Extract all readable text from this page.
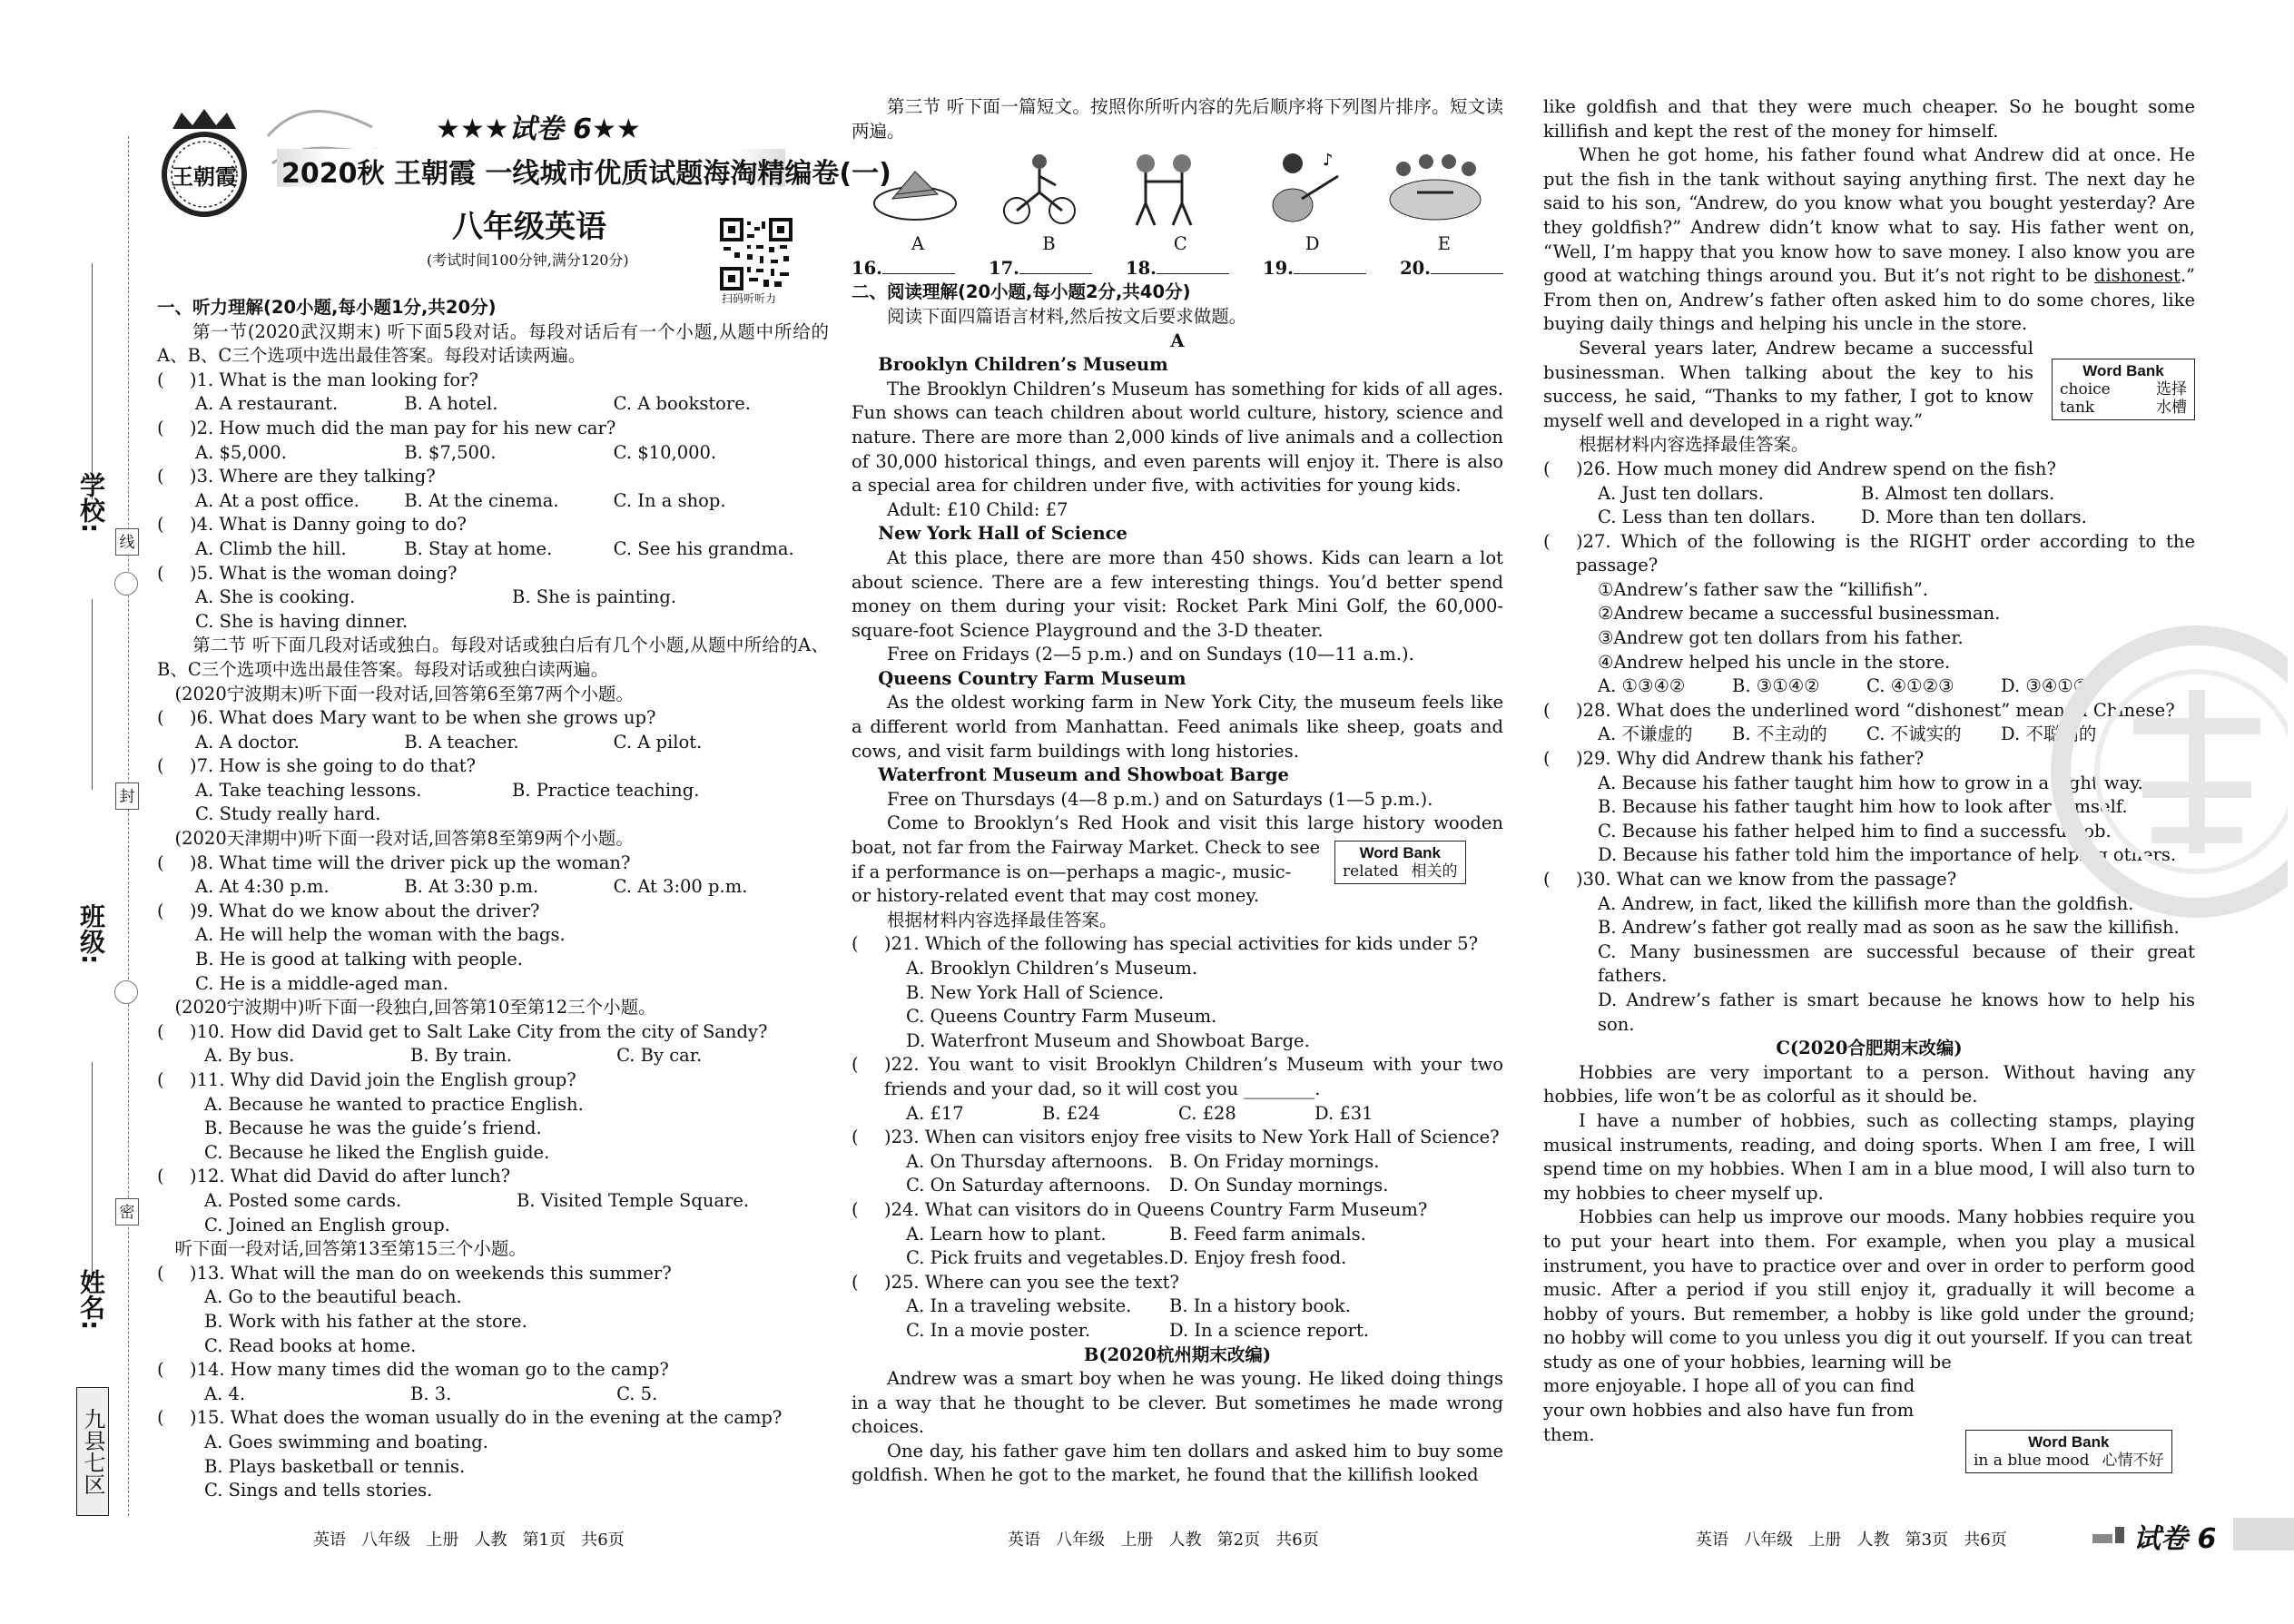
学校:
班级:
姓名:
线
封
密
九县七区
王朝霞
★★★试卷 6★★
2020秋 王朝霞 一线城市优质试题海淘精编卷(一)
八年级英语
(考试时间100分钟,满分120分)
扫码听听力

一、听力理解(20小题,每小题1分,共20分)

第一节(2020武汉期末) 听下面5段对话。每段对话后有一个小题,从题中所给的A、B、C三个选项中选出最佳答案。每段对话读两遍。

( )1. What is the man looking for?
A. A restaurant.	B. A hotel.	C. A bookstore.
( )2. How much did the man pay for his new car?
A. $5,000.	B. $7,500.	C. $10,000.
( )3. Where are they talking?
A. At a post office.	B. At the cinema.	C. In a shop.
( )4. What is Danny going to do?
A. Climb the hill.	B. Stay at home.	C. See his grandma.
( )5. What is the woman doing?
A. She is cooking.	B. She is painting.
C. She is having dinner.

第二节 听下面几段对话或独白。每段对话或独白后有几个小题,从题中所给的A、B、C三个选项中选出最佳答案。每段对话或独白读两遍。

(2020宁波期末)听下面一段对话,回答第6至第7两个小题。

( )6. What does Mary want to be when she grows up?
A. A doctor.	B. A teacher.	C. A pilot.
( )7. How is she going to do that?
A. Take teaching lessons.	B. Practice teaching.
C. Study really hard.

(2020天津期中)听下面一段对话,回答第8至第9两个小题。

( )8. What time will the driver pick up the woman?
A. At 4:30 p.m.	B. At 3:30 p.m.	C. At 3:00 p.m.
( )9. What do we know about the driver?
A. He will help the woman with the bags.
B. He is good at talking with people.
C. He is a middle-aged man.

(2020宁波期中)听下面一段独白,回答第10至第12三个小题。

( )10. How did David get to Salt Lake City from the city of Sandy?
A. By bus.	B. By train.	C. By car.
( )11. Why did David join the English group?
A. Because he wanted to practice English.
B. Because he was the guide’s friend.
C. Because he liked the English guide.
( )12. What did David do after lunch?
A. Posted some cards.	B. Visited Temple Square.
C. Joined an English group.

听下面一段对话,回答第13至第15三个小题。

( )13. What will the man do on weekends this summer?
A. Go to the beautiful beach.
B. Work with his father at the store.
C. Read books at home.
( )14. How many times did the woman go to the camp?
A. 4.	B. 3.	C. 5.
( )15. What does the woman usually do in the evening at the camp?
A. Goes swimming and boating.
B. Plays basketball or tennis.
C. Sings and tells stories.

第三节 听下面一篇短文。按照你所听内容的先后顺序将下列图片排序。短文读两遍。

♪
A	B	C	D	E
16.	17.	18.	19.	20.

二、阅读理解(20小题,每小题2分,共40分)

阅读下面四篇语言材料,然后按文后要求做题。

A

Brooklyn Children’s Museum

The Brooklyn Children’s Museum has something for kids of all ages. Fun shows can teach children about world culture, history, science and nature. There are more than 2,000 kinds of live animals and a collection of 30,000 historical things, and even parents will enjoy it. There is also a special area for children under five, with activities for young kids.

Adult: £10 Child: £7

New York Hall of Science

At this place, there are more than 450 shows. Kids can learn a lot about science. There are a few interesting things. You’d better spend money on them during your visit: Rocket Park Mini Golf, the 60,000-square-foot Science Playground and the 3-D theater.

Free on Fridays (2—5 p.m.) and on Sundays (10—11 a.m.).

Queens Country Farm Museum

As the oldest working farm in New York City, the museum feels like a different world from Manhattan. Feed animals like sheep, goats and cows, and visit farm buildings with long histories.

Waterfront Museum and Showboat Barge

Free on Thursdays (4—8 p.m.) and on Saturdays (1—5 p.m.).

Come to Brooklyn’s Red Hook and visit this large history wooden boat, not far from the Fairway Market. Check to see

if a performance is on—perhaps a magic-, music- or history-related event that may cost money.

根据材料内容选择最佳答案。

( )21. Which of the following has special activities for kids under 5?
A. Brooklyn Children’s Museum.
B. New York Hall of Science.
C. Queens Country Farm Museum.
D. Waterfront Museum and Showboat Barge.
( )22. You want to visit Brooklyn Children’s Museum with your two friends and your dad, so it will cost you ________.
A. £17	B. £24	C. £28	D. £31
( )23. When can visitors enjoy free visits to New York Hall of Science?
A. On Thursday afternoons. B. On Friday mornings.
C. On Saturday afternoons.	D. On Sunday mornings.
( )24. What can visitors do in Queens Country Farm Museum?
A. Learn how to plant.	B. Feed farm animals.
C. Pick fruits and vegetables. D. Enjoy fresh food.
( )25. Where can you see the text?
A. In a traveling website.	B. In a history book.
C. In a movie poster.	D. In a science report.

B(2020杭州期末改编)

Andrew was a smart boy when he was young. He liked doing things in a way that he thought to be clever. But sometimes he made wrong choices.

One day, his father gave him ten dollars and asked him to buy some goldfish. When he got to the market, he found that the killifish looked

Word Bank
related 相关的

like goldfish and that they were much cheaper. So he bought some killifish and kept the rest of the money for himself.

When he got home, his father found what Andrew did at once. He put the fish in the tank without saying anything first. The next day he said to his son, “Andrew, do you know what you bought yesterday? Are they goldfish?” Andrew didn’t know what to say. His father went on, “Well, I’m happy that you know how to save money. I also know you are good at watching things around you. But it’s not right to be dishonest.” From then on, Andrew’s father often asked him to do some chores, like buying daily things and helping his uncle in the store.

Several years later, Andrew became a successful businessman. When talking about the key to his success, he said, “Thanks to my father, I got to know myself well and developed in a right way.”

根据材料内容选择最佳答案。

( )26. How much money did Andrew spend on the fish?
A. Just ten dollars.	B. Almost ten dollars.
C. Less than ten dollars.	D. More than ten dollars.
( )27. Which of the following is the RIGHT order according to the passage?
①Andrew’s father saw the “killifish”.
②Andrew became a successful businessman.
③Andrew got ten dollars from his father.
④Andrew helped his uncle in the store.
A. ①③④②	B. ③①④②	C. ④①②③	D. ③④①②
( )28. What does the underlined word “dishonest” mean in Chinese?
A. 不谦虚的	B. 不主动的	C. 不诚实的	D. 不聪明的
( )29. Why did Andrew thank his father?
A. Because his father taught him how to grow in a right way.
B. Because his father taught him how to look after himself.
C. Because his father helped him to find a successful job.
D. Because his father told him the importance of helping others.
( )30. What can we know from the passage?
A. Andrew, in fact, liked the killifish more than the goldfish.
B. Andrew’s father got really mad as soon as he saw the killifish.
C. Many businessmen are successful because of their great fathers.
D. Andrew’s father is smart because he knows how to help his son.

C(2020合肥期末改编)

Hobbies are very important to a person. Without having any hobbies, life won’t be as colorful as it should be.

I have a number of hobbies, such as collecting stamps, playing musical instruments, reading, and doing sports. When I am free, I will spend time on my hobbies. When I am in a blue mood, I will also turn to my hobbies to cheer myself up.

Hobbies can help us improve our moods. Many hobbies require you to put your heart into them. For example, when you play a musical instrument, you have to practice over and over in order to perform good music. After a period if you still enjoy it, gradually it will become a hobby of yours. But remember, a hobby is like gold under the ground; no hobby will come to you unless you dig it out yourself. If you can treat

study as one of your hobbies, learning will be more enjoyable. I hope all of you can find your own hobbies and also have fun from them.

Word Bank
choice	选择
tank	水槽
Word Bank
in a blue mood 心情不好
英语   八年级   上册   人教   第1页   共6页	英语   八年级   上册   人教   第2页   共6页	英语   八年级   上册   人教   第3页   共6页	试卷 6
